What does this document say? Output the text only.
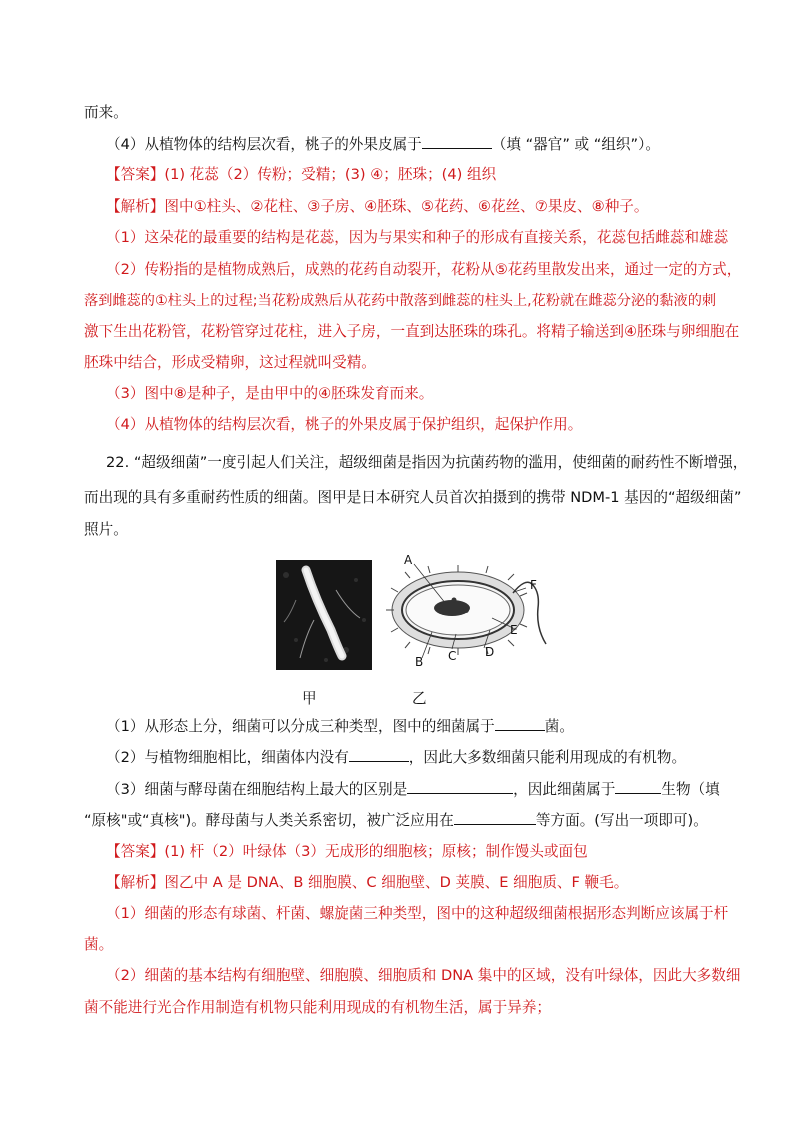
而来。
（4）从植物体的结构层次看，桃子的外果皮属于	（填 “器官” 或 “组织”）。
【答案】(1) 花蕊（2）传粉；受精；(3) ④；胚珠；(4) 组织
【解析】图中①柱头、②花柱、③子房、④胚珠、⑤花药、⑥花丝、⑦果皮、⑧种子。
（1）这朵花的最重要的结构是花蕊，因为与果实和种子的形成有直接关系，花蕊包括雌蕊和雄蕊
（2）传粉指的是植物成熟后，成熟的花药自动裂开，花粉从⑤花药里散发出来，通过一定的方式，
落到雌蕊的①柱头上的过程;当花粉成熟后从花药中散落到雌蕊的柱头上,花粉就在雌蕊分泌的黏液的刺
激下生出花粉管，花粉管穿过花柱，进入子房，一直到达胚珠的珠孔。将精子输送到④胚珠与卵细胞在
胚珠中结合，形成受精卵，这过程就叫受精。
（3）图中⑧是种子，是由甲中的④胚珠发育而来。
（4）从植物体的结构层次看，桃子的外果皮属于保护组织，起保护作用。
22. “超级细菌”一度引起人们关注，超级细菌是指因为抗菌药物的滥用，使细菌的耐药性不断增强，
而出现的具有多重耐药性质的细菌。图甲是日本研究人员首次拍摄到的携带 NDM-1 基因的“超级细菌”
照片。
A
F
E
D
C
B
甲	乙
（1）从形态上分，细菌可以分成三种类型，图中的细菌属于	菌。
（2）与植物细胞相比，细菌体内没有	，因此大多数细菌只能利用现成的有机物。
（3）细菌与酵母菌在细胞结构上最大的区别是	，因此细菌属于	生物（填
“原核"或“真核")。酵母菌与人类关系密切，被广泛应用在	等方面。(写出一项即可)。
【答案】(1) 杆（2）叶绿体（3）无成形的细胞核；原核；制作馒头或面包
【解析】图乙中 A 是 DNA、B 细胞膜、C 细胞壁、D 荚膜、E 细胞质、F 鞭毛。
（1）细菌的形态有球菌、杆菌、螺旋菌三种类型，图中的这种超级细菌根据形态判断应该属于杆
菌。
（2）细菌的基本结构有细胞壁、细胞膜、细胞质和 DNA 集中的区域，没有叶绿体，因此大多数细
菌不能进行光合作用制造有机物只能利用现成的有机物生活，属于异养；
